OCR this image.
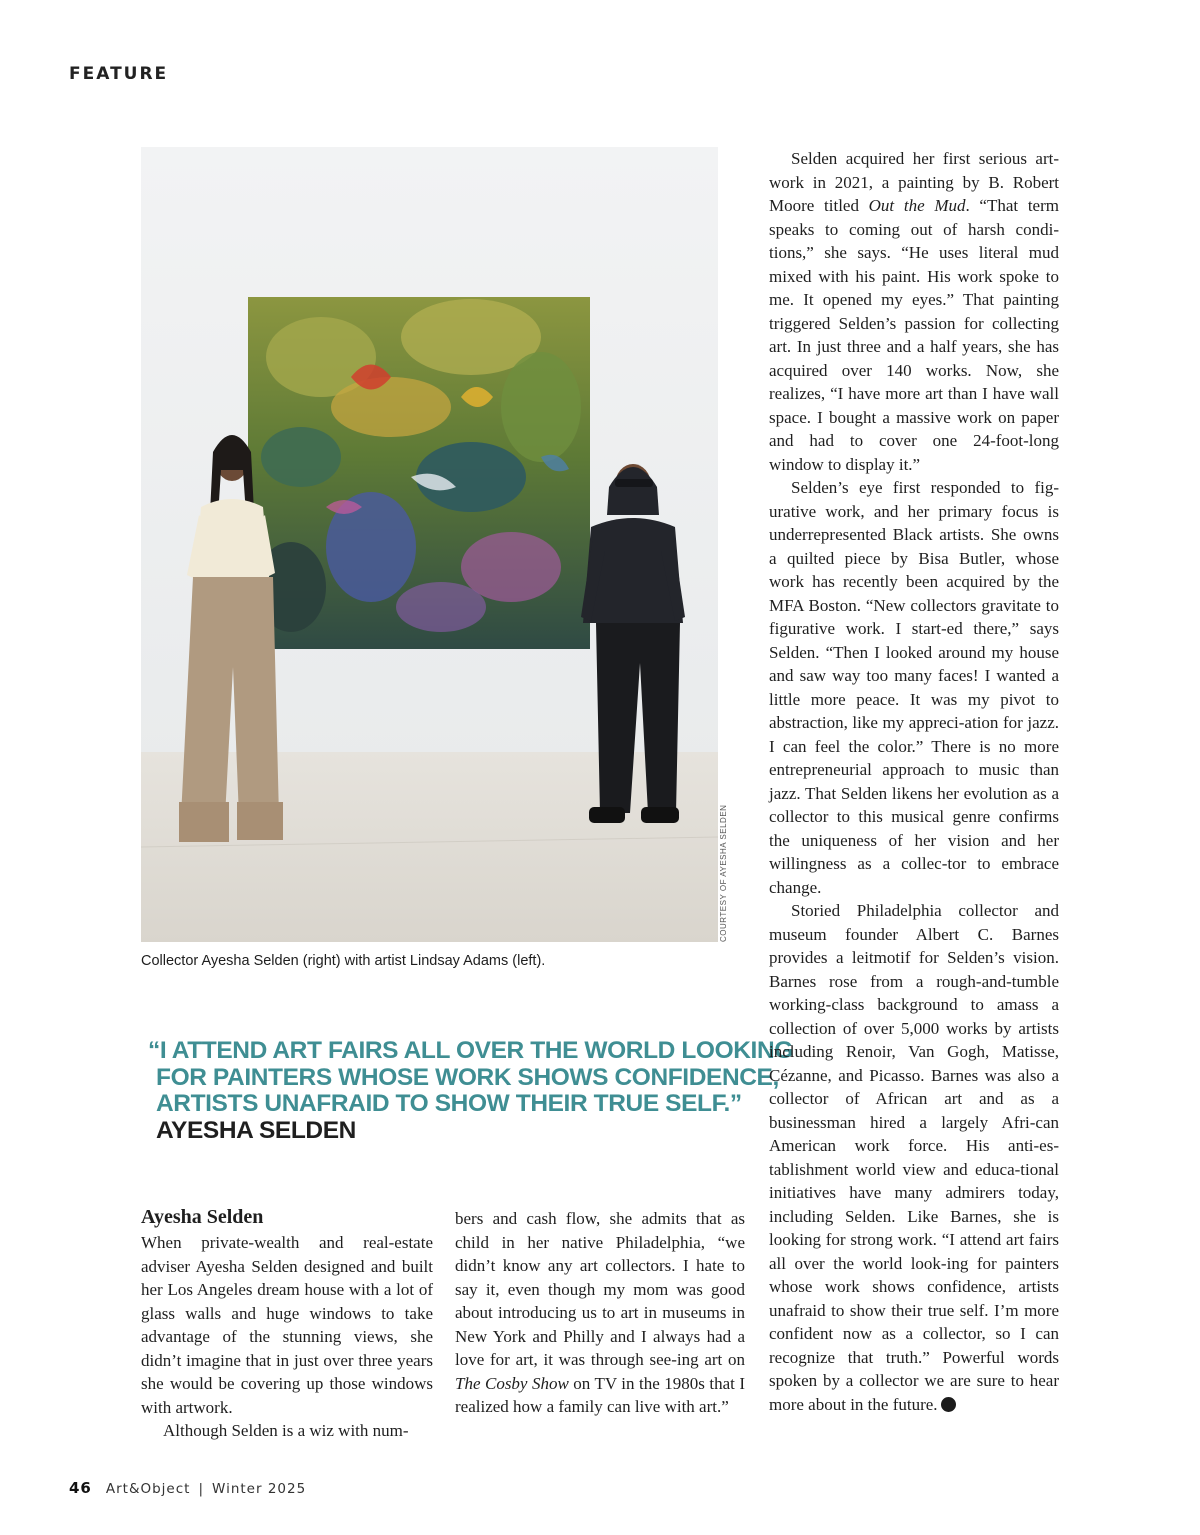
FEATURE
COURTESY OF AYESHA SELDEN
Collector Ayesha Selden (right) with artist Lindsay Adams (left).
“I ATTEND ART FAIRS ALL OVER THE WORLD LOOKING
FOR PAINTERS WHOSE WORK SHOWS CONFIDENCE,
ARTISTS UNAFRAID TO SHOW THEIR TRUE SELF.”
AYESHA SELDEN
Ayesha Selden

When private-wealth and real-estate adviser Ayesha Selden designed and built her Los Angeles dream house with a lot of glass walls and huge windows to take advantage of the stunning views, she didn’t imagine that in just over three years she would be covering up those windows with artwork.

Although Selden is a wiz with num-

bers and cash flow, she admits that as child in her native Philadelphia, “we didn’t know any art collectors. I hate to say it, even though my mom was good about introducing us to art in museums in New York and Philly and I always had a love for art, it was through see-ing art on The Cosby Show on TV in the 1980s that I realized how a family can live with art.”

Selden acquired her first serious art-work in 2021, a painting by B. Robert Moore titled Out the Mud. “That term speaks to coming out of harsh condi-tions,” she says. “He uses literal mud mixed with his paint. His work spoke to me. It opened my eyes.” That painting triggered Selden’s passion for collecting art. In just three and a half years, she has acquired over 140 works. Now, she realizes, “I have more art than I have wall space. I bought a massive work on paper and had to cover one 24-foot-long window to display it.”

Selden’s eye first responded to fig-urative work, and her primary focus is underrepresented Black artists. She owns a quilted piece by Bisa Butler, whose work has recently been acquired by the MFA Boston. “New collectors gravitate to figurative work. I start-ed there,” says Selden. “Then I looked around my house and saw way too many faces! I wanted a little more peace. It was my pivot to abstraction, like my appreci-ation for jazz. I can feel the color.” There is no more entrepreneurial approach to music than jazz. That Selden likens her evolution as a collector to this musical genre confirms the uniqueness of her vision and her willingness as a collec-tor to embrace change.

Storied Philadelphia collector and museum founder Albert C. Barnes provides a leitmotif for Selden’s vision. Barnes rose from a rough-and-tumble working-class background to amass a collection of over 5,000 works by artists including Renoir, Van Gogh, Matisse, Cézanne, and Picasso. Barnes was also a collector of African art and as a businessman hired a largely Afri-can American work force. His anti-es-tablishment world view and educa-tional initiatives have many admirers today, including Selden. Like Barnes, she is looking for strong work. “I attend art fairs all over the world look-ing for painters whose work shows confidence, artists unafraid to show their true self. I’m more confident now as a collector, so I can recognize that truth.” Powerful words spoken by a collector we are sure to hear more about in the future.

46 Art&Object | Winter 2025
